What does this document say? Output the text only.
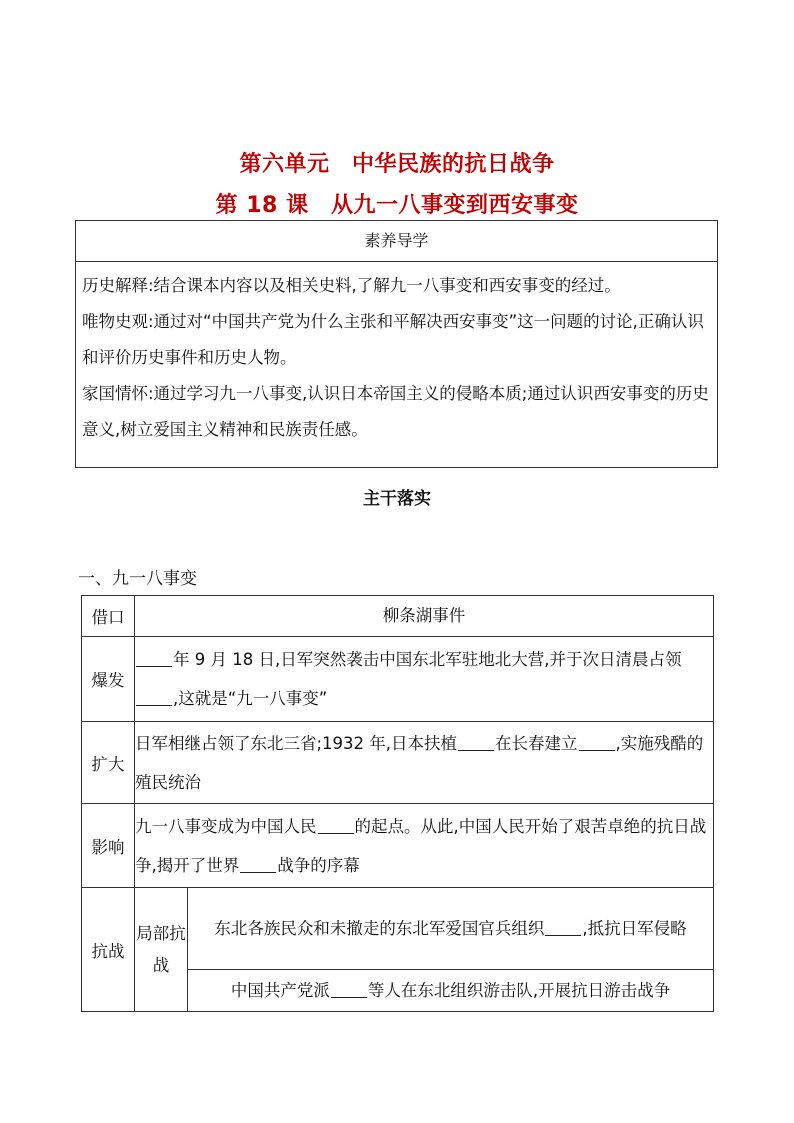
第六单元　中华民族的抗日战争
第 18 课　从九一八事变到西安事变
素养导学

历史解释:结合课本内容以及相关史料,了解九一八事变和西安事变的经过。

唯物史观:通过对“中国共产党为什么主张和平解决西安事变”这一问题的讨论,正确认识和评价历史事件和历史人物。

家国情怀:通过学习九一八事变,认识日本帝国主义的侵略本质;通过认识西安事变的历史意义,树立爱国主义精神和民族责任感。

主干落实
一、九一八事变
借口	柳条湖事件	
爆发	年 9 月 18 日,日军突然袭击中国东北军驻地北大营,并于次日清晨占领,这就是“九一八事变”	
扩大	日军相继占领了东北三省;1932 年,日本扶植 在长春建立 ,实施残酷的殖民统治	
影响	九一八事变成为中国人民 的起点。从此,中国人民开始了艰苦卓绝的抗日战争,揭开了世界 战争的序幕	
抗战	局部抗战	东北各族民众和未撤走的东北军爱国官兵组织 ,抵抗日军侵略
		中国共产党派 等人在东北组织游击队,开展抗日游击战争
